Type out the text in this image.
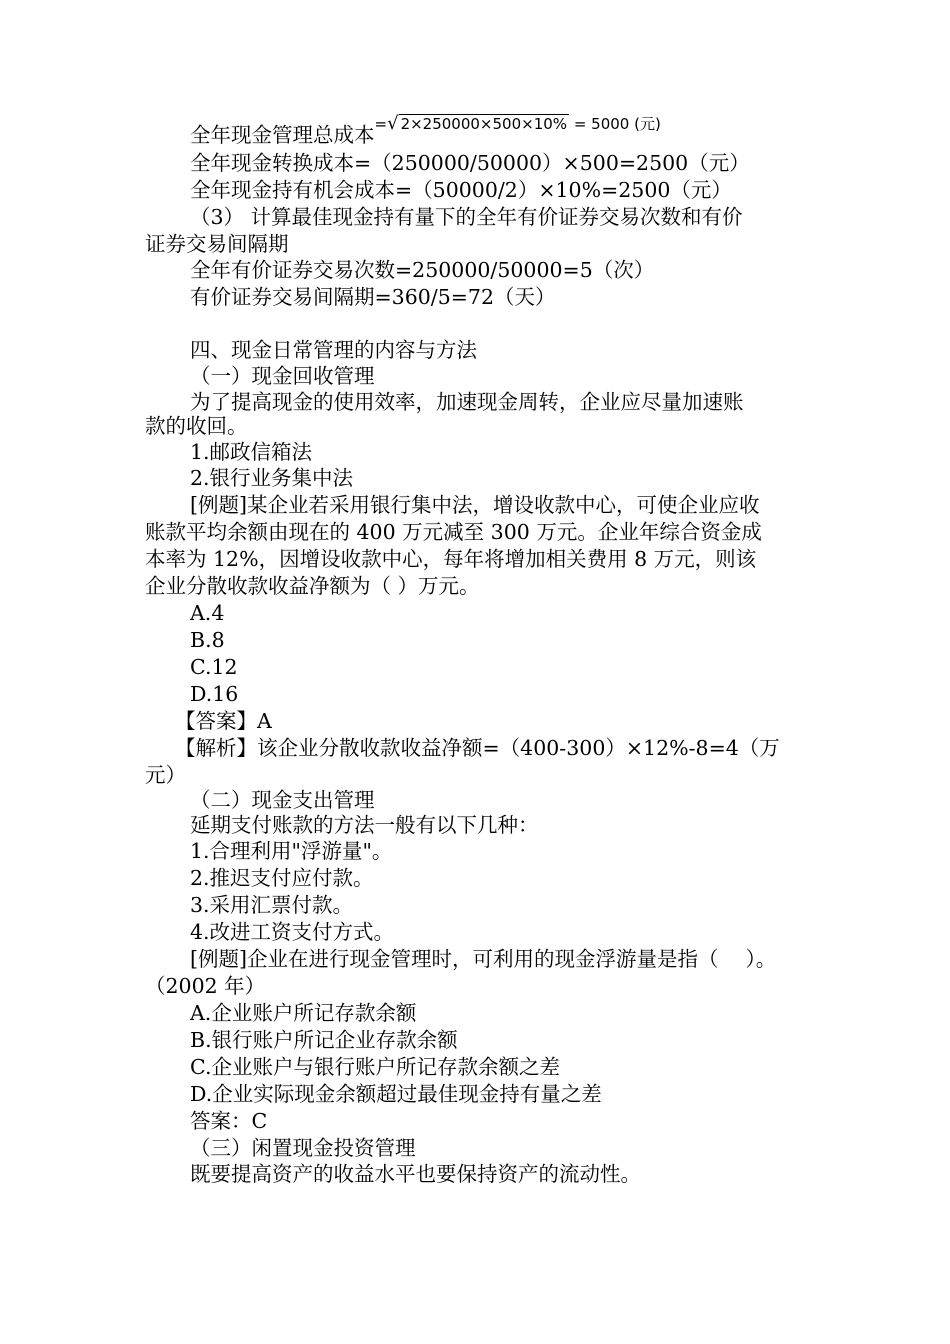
全年现金管理总成本=√ 2×250000×500×10% = 5000 (元)
全年现金转换成本=（250000/50000）×500=2500（元）
全年现金持有机会成本=（50000/2）×10%=2500（元）
（3） 计算最佳现金持有量下的全年有价证券交易次数和有价
证券交易间隔期
全年有价证券交易次数=250000/50000=5（次）
有价证券交易间隔期=360/5=72（天）
四、现金日常管理的内容与方法
（一）现金回收管理
为了提高现金的使用效率，加速现金周转，企业应尽量加速账
款的收回。
1.邮政信箱法
2.银行业务集中法
[例题]某企业若采用银行集中法，增设收款中心，可使企业应收
账款平均余额由现在的 400 万元减至 300 万元。企业年综合资金成
本率为 12%，因增设收款中心，每年将增加相关费用 8 万元，则该
企业分散收款收益净额为（ ）万元。
A.4
B.8
C.12
D.16
【答案】A
【解析】该企业分散收款收益净额=（400-300）×12%-8=4（万
元）
（二）现金支出管理
延期支付账款的方法一般有以下几种：
1.合理利用"浮游量"。
2.推迟支付应付款。
3.采用汇票付款。
4.改进工资支付方式。
[例题]企业在进行现金管理时，可利用的现金浮游量是指（　 ）。
（2002 年）
A.企业账户所记存款余额
B.银行账户所记企业存款余额
C.企业账户与银行账户所记存款余额之差
D.企业实际现金余额超过最佳现金持有量之差
答案：C
（三）闲置现金投资管理
既要提高资产的收益水平也要保持资产的流动性。
